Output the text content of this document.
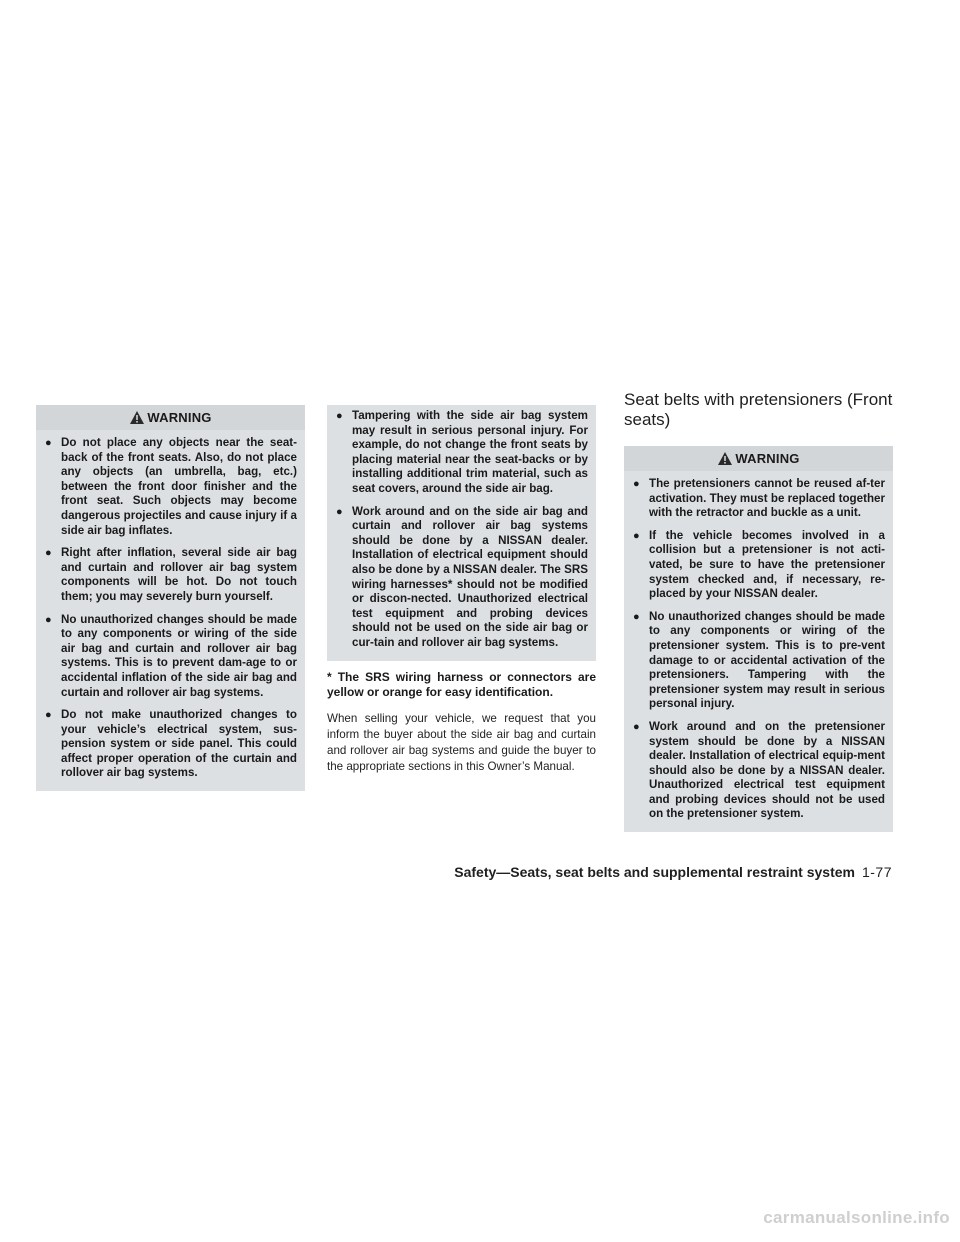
WARNING
● Do not place any objects near the seat-back of the front seats. Also, do not place any objects (an umbrella, bag, etc.) between the front door finisher and the front seat. Such objects may become dangerous projectiles and cause injury if a side air bag inflates.
● Right after inflation, several side air bag and curtain and rollover air bag system components will be hot. Do not touch them; you may severely burn yourself.
● No unauthorized changes should be made to any components or wiring of the side air bag and curtain and rollover air bag systems. This is to prevent dam-age to or accidental inflation of the side air bag and curtain and rollover air bag systems.
● Do not make unauthorized changes to your vehicle’s electrical system, sus-pension system or side panel. This could affect proper operation of the curtain and rollover air bag systems.
● Tampering with the side air bag system may result in serious personal injury. For example, do not change the front seats by placing material near the seat-backs or by installing additional trim material, such as seat covers, around the side air bag.
● Work around and on the side air bag and curtain and rollover air bag systems should be done by a NISSAN dealer. Installation of electrical equipment should also be done by a NISSAN dealer. The SRS wiring harnesses* should not be modified or discon-nected. Unauthorized electrical test equipment and probing devices should not be used on the side air bag or cur-tain and rollover air bag systems.
* The SRS wiring harness or connectors are yellow or orange for easy identification.
When selling your vehicle, we request that you inform the buyer about the side air bag and curtain and rollover air bag systems and guide the buyer to the appropriate sections in this Owner’s Manual.
Seat belts with pretensioners (Front seats)
WARNING
● The pretensioners cannot be reused af-ter activation. They must be replaced together with the retractor and buckle as a unit.
● If the vehicle becomes involved in a collision but a pretensioner is not acti-vated, be sure to have the pretensioner system checked and, if necessary, re-placed by your NISSAN dealer.
● No unauthorized changes should be made to any components or wiring of the pretensioner system. This is to pre-vent damage to or accidental activation of the pretensioners. Tampering with the pretensioner system may result in serious personal injury.
● Work around and on the pretensioner system should be done by a NISSAN dealer. Installation of electrical equip-ment should also be done by a NISSAN dealer. Unauthorized electrical test equipment and probing devices should not be used on the pretensioner system.
Safety—Seats, seat belts and supplemental restraint system 1-77
carmanualsonline.info
